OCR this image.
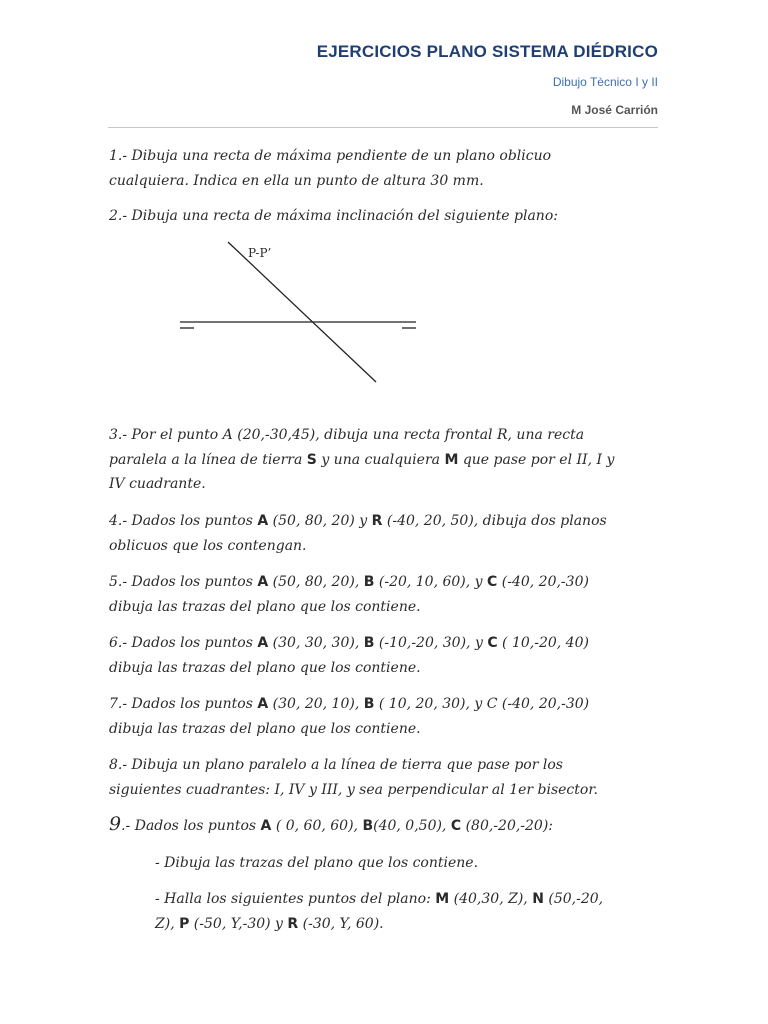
EJERCICIOS PLANO SISTEMA DIÉDRICO
Dibujo Tècnico I y II
M José Carrión

1.- Dibuja una recta de máxima pendiente de un plano oblicuo

cualquiera. Indica en ella un punto de altura 30 mm.

2.- Dibuja una recta de máxima inclinación del siguiente plano:

P-P’

3.- Por el punto A (20,-30,45), dibuja una recta frontal R, una recta

paralela a la línea de tierra S y una cualquiera M que pase por el II, I y

IV cuadrante.

4.- Dados los puntos A (50, 80, 20) y R (-40, 20, 50), dibuja dos planos

oblicuos que los contengan.

5.- Dados los puntos A (50, 80, 20), B (-20, 10, 60), y C (-40, 20,-30)

dibuja las trazas del plano que los contiene.

6.- Dados los puntos A (30, 30, 30), B (-10,-20, 30), y C ( 10,-20, 40)

dibuja las trazas del plano que los contiene.

7.- Dados los puntos A (30, 20, 10), B ( 10, 20, 30), y C (-40, 20,-30)

dibuja las trazas del plano que los contiene.

8.- Dibuja un plano paralelo a la línea de tierra que pase por los

siguientes cuadrantes: I, IV y III, y sea perpendicular al 1er bisector.

9.- Dados los puntos A ( 0, 60, 60), B(40, 0,50), C (80,-20,-20):

- Dibuja las trazas del plano que los contiene.

- Halla los siguientes puntos del plano: M (40,30, Z), N (50,-20,

Z), P (-50, Y,-30) y R (-30, Y, 60).
